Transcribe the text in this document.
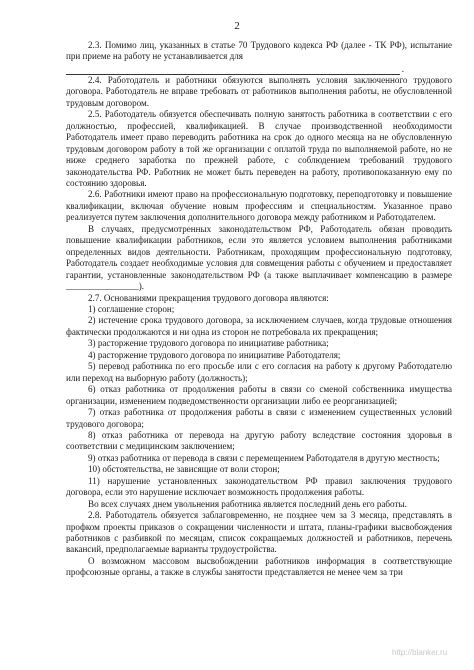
2

2.3. Помимо лиц, указанных в статье 70 Трудового кодекса РФ (далее - ТК РФ), испытание при приеме на работу не устанавливается для

.

2.4. Работодатель и работники обязуются выполнять условия заключенного трудового договора. Работодатель не вправе требовать от работников выполнения работы, не обусловленной трудовым договором.

2.5. Работодатель обязуется обеспечивать полную занятость работника в соответствии с его должностью, профессией, квалификацией. В случае производственной необходимости Работодатель имеет право переводить работника на срок до одного месяца на не обусловленную трудовым договором работу в той же организации с оплатой труда по выполняемой работе, но не ниже среднего заработка по прежней работе, с соблюдением требований трудового законодательства РФ. Работник не может быть переведен на работу, противопоказанную ему по состоянию здоровья.

2.6. Работники имеют право на профессиональную подготовку, переподготовку и повышение квалификации, включая обучение новым профессиям и специальностям. Указанное право реализуется путем заключения дополнительного договора между работником и Работодателем.

В случаях, предусмотренных законодательством РФ, Работодатель обязан проводить повышение квалификации работников, если это является условием выполнения работниками определенных видов деятельности. Работникам, проходящим профессиональную подготовку, Работодатель создает необходимые условия для совмещения работы с обучением и предоставляет гарантии, установленные законодательством РФ (а также выплачивает компенсацию в размере ________________).

2.7. Основаниями прекращения трудового договора являются:

1) соглашение сторон;

2) истечение срока трудового договора, за исключением случаев, когда трудовые отношения фактически продолжаются и ни одна из сторон не потребовала их прекращения;

3) расторжение трудового договора по инициативе работника;

4) расторжение трудового договора по инициативе Работодателя;

5) перевод работника по его просьбе или с его согласия на работу к другому Работодателю или переход на выборную работу (должность);

6) отказ работника от продолжения работы в связи со сменой собственника имущества организации, изменением подведомственности организации либо ее реорганизацией;

7) отказ работника от продолжения работы в связи с изменением существенных условий трудового договора;

8) отказ работника от перевода на другую работу вследствие состояния здоровья в соответствии с медицинским заключением;

9) отказ работника от перевода в связи с перемещением Работодателя в другую местность;

10) обстоятельства, не зависящие от воли сторон;

11) нарушение установленных законодательством РФ правил заключения трудового договора, если это нарушение исключает возможность продолжения работы.

Во всех случаях днем увольнения работника является последний день его работы.

2.8. Работодатель обязуется заблаговременно, не позднее чем за 3 месяца, представлять в профком проекты приказов о сокращении численности и штата, планы-графики высвобождения работников с разбивкой по месяцам, список сокращаемых должностей и работников, перечень вакансий, предполагаемые варианты трудоустройства.

О возможном массовом высвобождении работников информация в соответствующие профсоюзные органы, а также в службы занятости представляется не менее чем за три

http://blanker.ru
